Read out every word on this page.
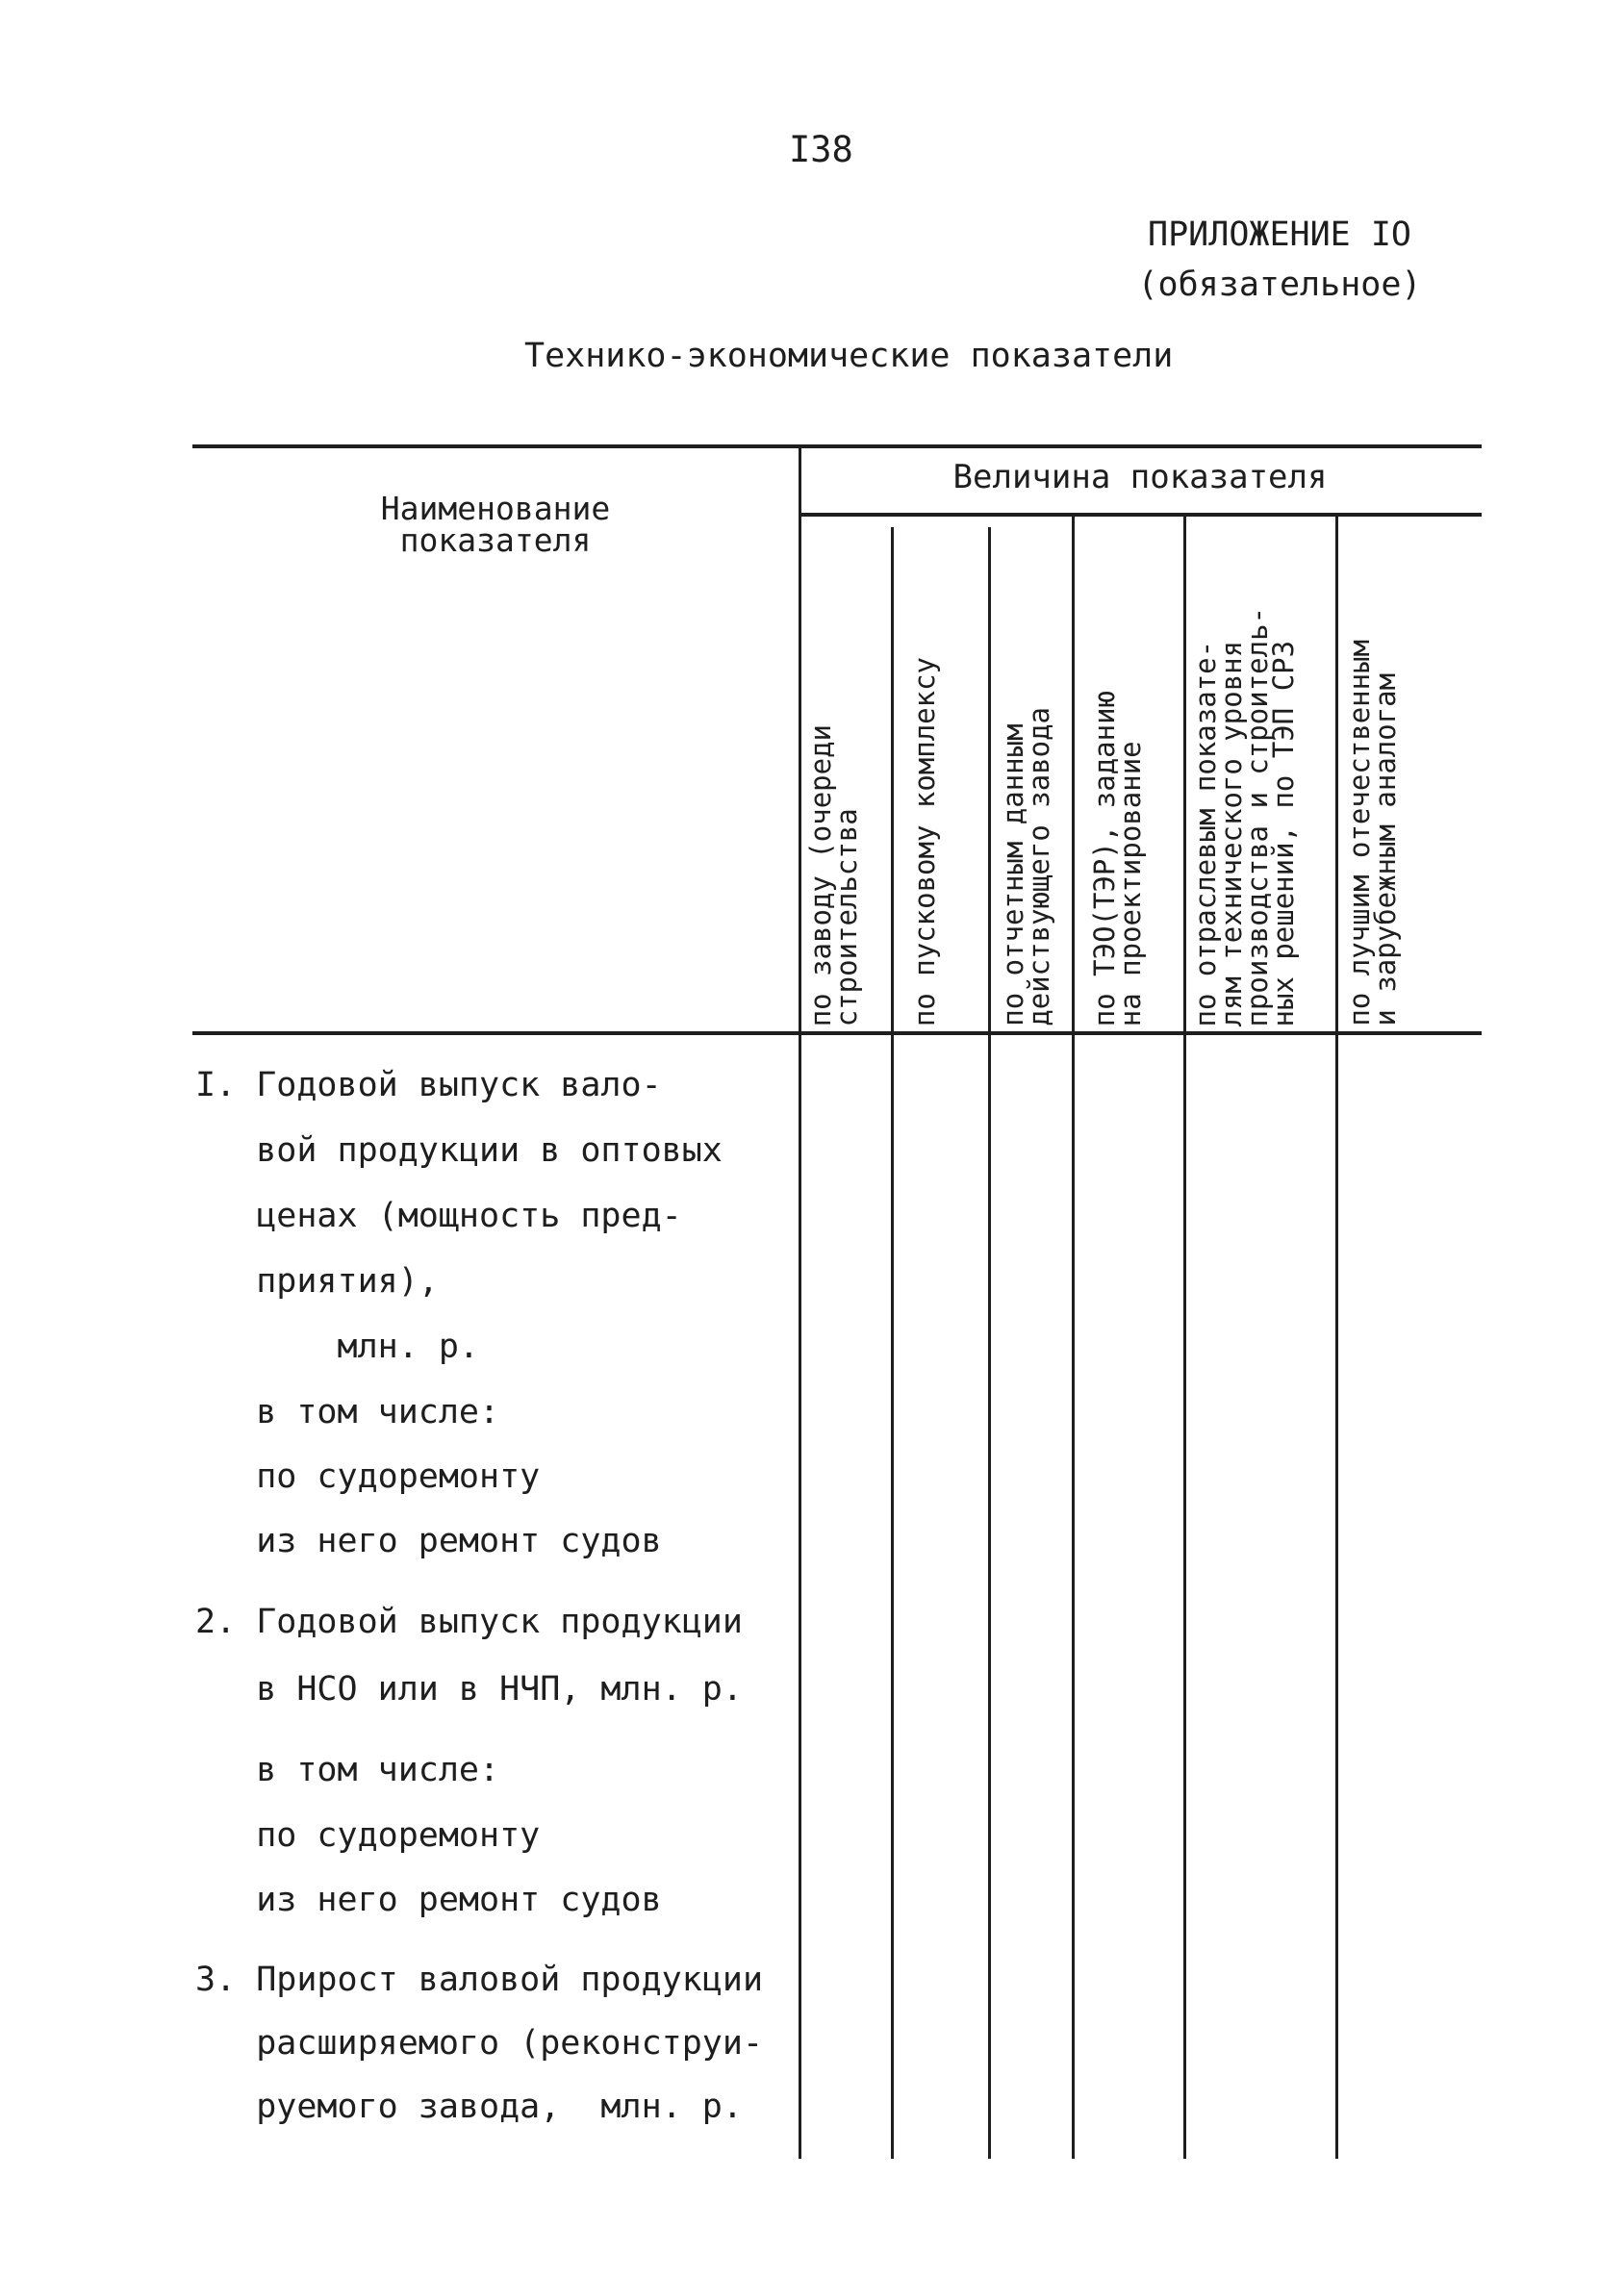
I38
ПРИЛОЖЕНИЕ IO
(обязательное)
Технико-экономические показатели
Наименование
показателя
Величина показателя
по заводу (очереди
строительства по пусковому комплексу по отчетным данным
действующего завода
по ТЭО(ТЭР), заданию
на проектирование
по отраслевым показате-
лям технического уровня
производства и строитель-
ных решений, по ТЭП СРЗ
по лучшим отечественным
и зарубежным аналогам
I. Годовой выпуск вало-
вой продукции в оптовых
ценах (мощность пред-
приятия),
млн. р.
в том числе:
по судоремонту
из него ремонт судов
2. Годовой выпуск продукции
в НСО или в НЧП, млн. р.
в том числе:
по судоремонту
из него ремонт судов
3. Прирост валовой продукции
расширяемого (реконструи-
руемого завода,  млн. р.
